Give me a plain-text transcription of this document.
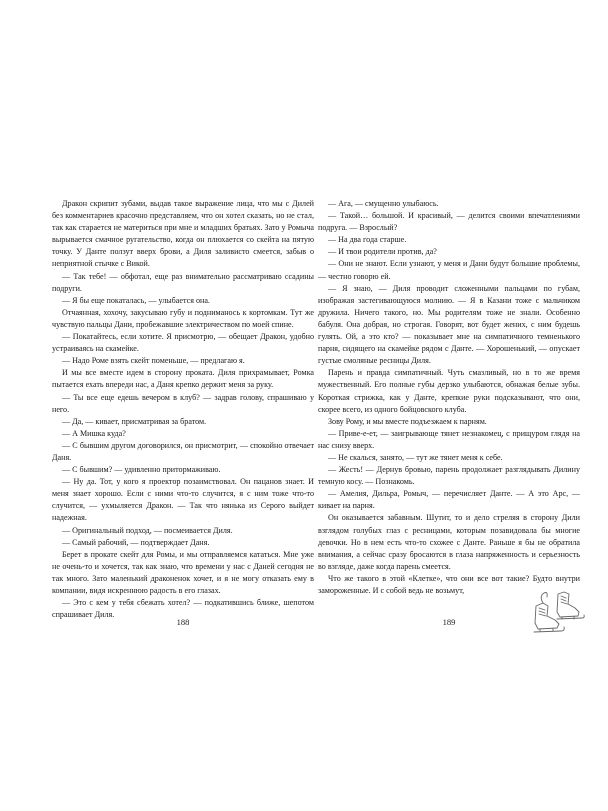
Дракон скрипит зубами, выдав такое выражение лица, что мы с Дилей без комментариев красочно представляем, что он хотел сказать, но не стал, так как старается не материться при мне и младших братьях. Зато у Ромыча вырывается смачное ругательство, когда он плюхается со скейта на пятую точку. У Данте ползут вверх брови, а Диля заливисто смеется, забыв о неприятной стычке с Викой.

— Так тебе! — обфотал, еще раз внимательно рассматриваю ссадины подруги.

— Я бы еще покаталась, — улыбается она.

Отчаянная, хохочу, закусываю губу и подниманось к кортомкам. Тут же чувствую пальцы Дани, пробежавшие электричеством по моей спине.

— Покатайтесь, если хотите. Я присмотрю, — обещает Дракон, удобно устраиваясь на скамейке.

— Надо Роме взять скейт поменьше, — предлагаю я.

И мы все вместе идем в сторону проката. Диля прихрамывает, Ромка пытается ехать впереди нас, а Даня крепко держит меня за руку.

— Ты все еще едешь вечером в клуб? — задрав голову, спрашиваю у него.

— Да, — кивает, присматривая за братом.

— А Мишка куда?

— С бывшим другом договорился, он присмотрит, — спокойно отвечает Даня.

— С бывшим? — удивленно притормаживаю.

— Ну да. Тот, у кого я проектор позаимствовал. Он пацанов знает. И меня знает хорошо. Если с ними что-то случится, я с ним тоже что-то случится, — ухмыляется Дракон. — Так что нянька из Серого выйдет надежная.

— Оригинальный подход, — посмеивается Диля.

— Самый рабочий, — подтверждает Даня.

Берет в прокате скейт для Ромы, и мы отправляемся кататься. Мне уже не очень-то и хочется, так как знаю, что времени у нас с Даней сегодня не так много. Зато маленький драконенок хочет, и я не могу отказать ему в компании, видя искреннюю радость в его глазах.

— Это с кем у тебя сбежать хотел? — подкатившись ближе, шепотом спрашивает Диля.

188

— Ага, — смущенно улыбаюсь.

— Такой… большой. И красивый, — делится своими впечатлениями подруга. — Взрослый?

— На два года старше.

— И твои родители против, да?

— Они не знают. Если узнают, у меня и Дани будут большие проблемы, — честно говорю ей.

— Я знаю, — Диля проводит сложенными пальцами по губам, изображая застегивающуюся молнию. — Я в Казани тоже с мальчиком дружила. Ничего такого, но. Мы родителям тоже не знали. Особенно бабуля. Она добрая, но строгая. Говорят, вот будет жених, с ним будешь гулять. Ой, а это кто? — показывает мне на симпатичного темненького парня, сидящего на скамейке рядом с Данте. — Хорошенький, — опускает густые смоляные ресницы Диля.

Парень и правда симпатичный. Чуть смазливый, но в то же время мужественный. Его полные губы дерзко улыбаются, обнажая белые зубы. Короткая стрижка, как у Данте, крепкие руки подсказывают, что они, скорее всего, из одного бойцовского клуба.

Зову Рому, и мы вместе подъезжаем к парням.

— Приве-е-ет, — заигрывающе тянет незнакомец, с прищуром глядя на нас снизу вверх.

— Не скалься, занято, — тут же тянет меня к себе.

— Жесть! — Дернув бровью, парень продолжает разглядывать Дилину темную косу. — Познакомь.

— Амелия, Дильра, Ромыч, — перечисляет Данте. — А это Арс, — кивает на парня.

Он оказывается забавным. Шутит, то и дело стреляя в сторону Дили взглядом голубых глаз с ресницами, которым позавидовала бы многие девочки. Но в нем есть что-то схожее с Данте. Раньше я бы не обратила внимания, а сейчас сразу бросаются в глаза напряженность и серьезность во взгляде, даже когда парень смеется.

Что же такого в этой «Клетке», что они все вот такие? Будто внутри замороженные. И с собой ведь не возьмут,

189
